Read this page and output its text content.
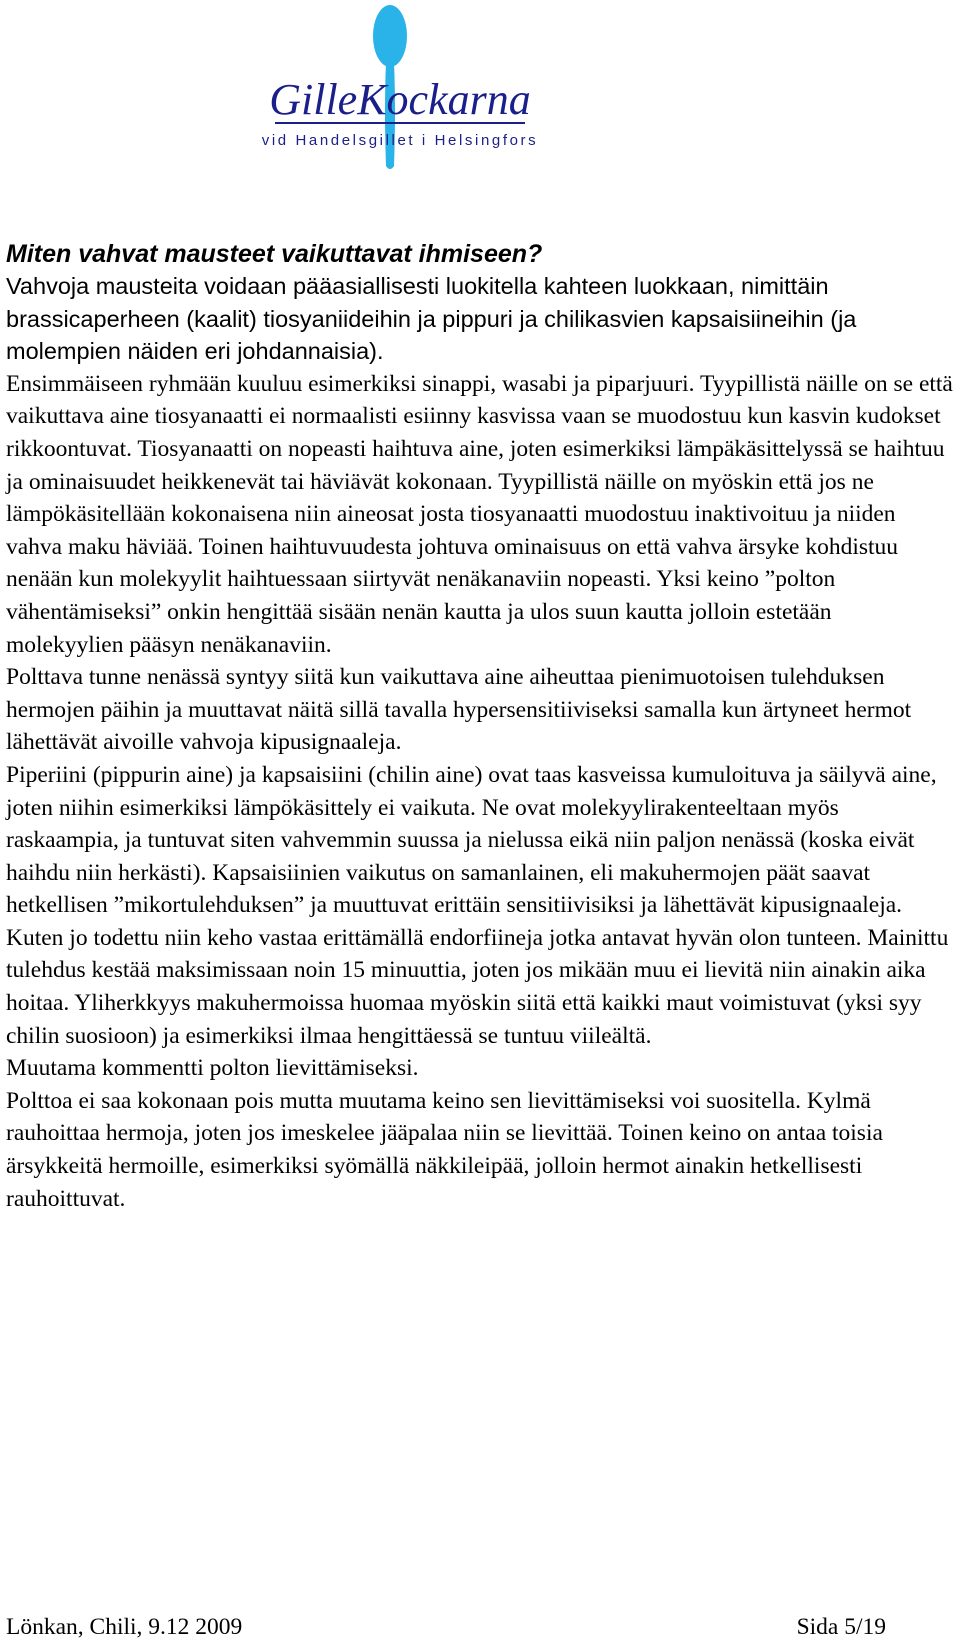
GilleKockarna
vid Handelsgillet i Helsingfors
Miten vahvat mausteet vaikuttavat ihmiseen?

Vahvoja mausteita voidaan pääasiallisesti luokitella kahteen luokkaan, nimittäin brassicaperheen (kaalit) tiosyaniideihin ja pippuri ja chilikasvien kapsaisiineihin (ja molempien näiden eri johdannaisia).

Ensimmäiseen ryhmään kuuluu esimerkiksi sinappi, wasabi ja piparjuuri. Tyypillistä näille on se että vaikuttava aine tiosyanaatti ei normaalisti esiinny kasvissa vaan se muodostuu kun kasvin kudokset rikkoontuvat. Tiosyanaatti on nopeasti haihtuva aine, joten esimerkiksi lämpäkäsittelyssä se haihtuu ja ominaisuudet heikkenevät tai häviävät kokonaan. Tyypillistä näille on myöskin että jos ne lämpökäsitellään kokonaisena niin aineosat josta tiosyanaatti muodostuu inaktivoituu ja niiden vahva maku häviää. Toinen haihtuvuudesta johtuva ominaisuus on että vahva ärsyke kohdistuu nenään kun molekyylit haihtuessaan siirtyvät nenäkanaviin nopeasti. Yksi keino ”polton vähentämiseksi” onkin hengittää sisään nenän kautta ja ulos suun kautta jolloin estetään molekyylien pääsyn nenäkanaviin.

Polttava tunne nenässä syntyy siitä kun vaikuttava aine aiheuttaa pienimuotoisen tulehduksen hermojen päihin ja muuttavat näitä sillä tavalla hypersensitiiviseksi samalla kun ärtyneet hermot lähettävät aivoille vahvoja kipusignaaleja.

Piperiini (pippurin aine) ja kapsaisiini (chilin aine) ovat taas kasveissa kumuloituva ja säilyvä aine, joten niihin esimerkiksi lämpökäsittely ei vaikuta. Ne ovat molekyylirakenteeltaan myös raskaampia, ja tuntuvat siten vahvemmin suussa ja nielussa eikä niin paljon nenässä (koska eivät haihdu niin herkästi). Kapsaisiinien vaikutus on samanlainen, eli makuhermojen päät saavat hetkellisen ”mikortulehduksen” ja muuttuvat erittäin sensitiivisiksi ja lähettävät kipusignaaleja. Kuten jo todettu niin keho vastaa erittämällä endorfiineja jotka antavat hyvän olon tunteen. Mainittu tulehdus kestää maksimissaan noin 15 minuuttia, joten jos mikään muu ei lievitä niin ainakin aika hoitaa. Yliherkkyys makuhermoissa huomaa myöskin siitä että kaikki maut voimistuvat (yksi syy chilin suosioon) ja esimerkiksi ilmaa hengittäessä se tuntuu viileältä.

Muutama kommentti polton lievittämiseksi.

Polttoa ei saa kokonaan pois mutta muutama keino sen lievittämiseksi voi suositella. Kylmä rauhoittaa hermoja, joten jos imeskelee jääpalaa niin se lievittää. Toinen keino on antaa toisia ärsykkeitä hermoille, esimerkiksi syömällä näkkileipää, jolloin hermot ainakin hetkellisesti rauhoittuvat.

Lönkan, Chili, 9.12 2009	Sida 5/19
